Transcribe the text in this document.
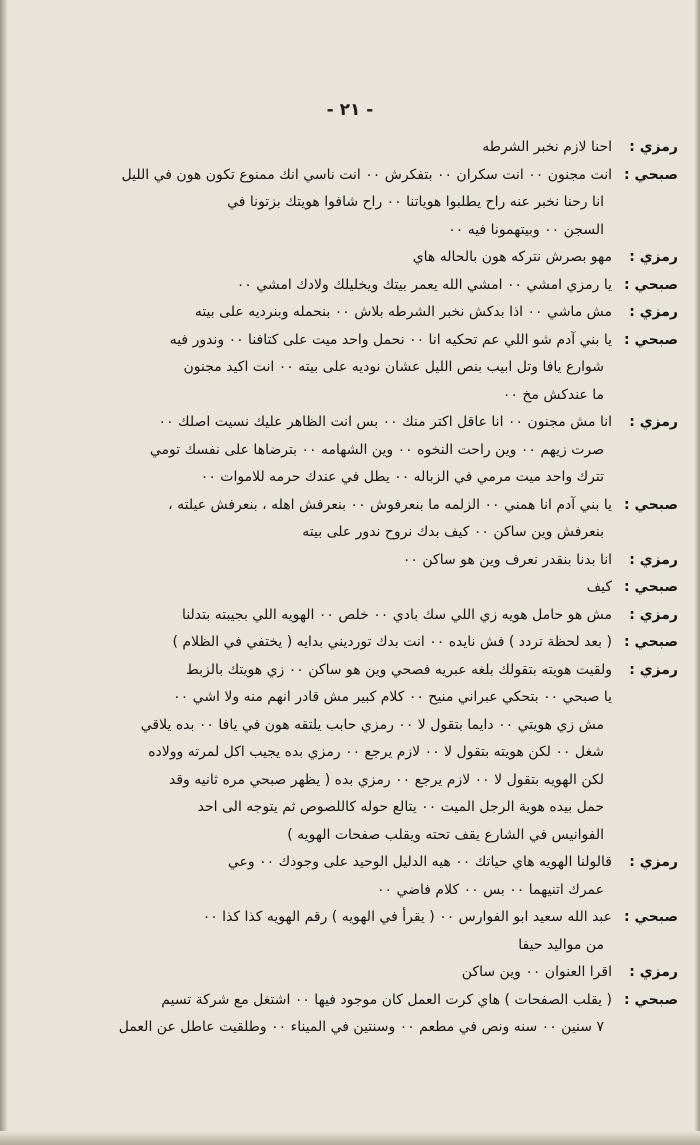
- ٢١ -
رمزي :
احنا لازم نخبر الشرطه
صبحي :
انت مجنون ٠٠ انت سكران ٠٠ بتفكرش ٠٠ انت ناسي انك ممنوع تكون هون في الليل
انا رحنا نخبر عنه راح يطلبوا هوياتنا ٠٠ راح شافوا هويتك بزتونا في
السجن ٠٠ وبيتهمونا فيه ٠٠
رمزي :
مهو بصرش نتركه هون بالحاله هاي
صبحي :
يا رمزي امشي ٠٠ امشي الله يعمر بيتك ويخليلك ولادك امشي ٠٠
رمزي :
مش ماشي ٠٠ اذا بدكش نخبر الشرطه بلاش ٠٠ بنحمله وبنرديه على بيته
صبحي :
يا بني آدم شو اللي عم تحكيه انا ٠٠ نحمل واحد ميت على كتافنا ٠٠ وندور فيه
شوارع يافا وتل ابيب بنص الليل عشان نوديه على بيته ٠٠ انت اكيد مجنون
ما عندكش مخ ٠٠
رمزي :
انا مش مجنون ٠٠ انا عاقل اكتر منك ٠٠ بس انت الظاهر عليك نسيت اصلك ٠٠
صرت زيهم ٠٠ وين راحت النخوه ٠٠ وين الشهامه ٠٠ بترضاها على نفسك تومي
تترك واحد ميت مرمي في الزباله ٠٠ يطل في عندك حرمه للاموات ٠٠
صبحي :
يا بني آدم انا همني ٠٠ الزلمه ما بنعرفوش ٠٠ بنعرفش اهله ، بنعرفش عيلته ،
بنعرفش وين ساكن ٠٠ كيف بدك نروح ندور على بيته
رمزي :
انا بدنا بنقدر نعرف وين هو ساكن ٠٠
صبحي :
كيف
رمزي :
مش هو حامل هويه زي اللي سك بادي ٠٠ خلص ٠٠ الهويه اللي بجيبته بتدلنا
صبحي :
( بعد لحظة تردد ) فش نايده ٠٠ انت بدك تورديني بدايه ( يختفي في الظلام )
رمزي :
ولقيت هويته بتقولك بلغه عبريه فصحي وين هو ساكن ٠٠ زي هويتك بالزبط
يا صبحي ٠٠ بتحكي عبراني منيح ٠٠ كلام كبير مش قادر انهم منه ولا اشي ٠٠
مش زي هويتي ٠٠ دايما بتقول لا ٠٠ رمزي حابب يلتقه هون في يافا ٠٠ بده يلاقي
شغل ٠٠ لكن هويته بتقول لا ٠٠ لازم يرجع ٠٠ رمزي بده يجيب اكل لمرته وولاده
لكن الهويه بتقول لا ٠٠ لازم يرجع ٠٠ رمزي بده ( يظهر صبحي مره ثانيه وقد
حمل بيده هوية الرجل الميت ٠٠ يتالع حوله كاللصوص ثم يتوجه الى احد
الفوانيس في الشارع يقف تحته ويقلب صفحات الهويه )
رمزي :
قالولنا الهويه هاي حياتك ٠٠ هيه الدليل الوحيد على وجودك ٠٠ وعي
عمرك اتنيهما ٠٠ بس ٠٠ كلام فاضي ٠٠
صبحي :
عبد الله سعيد ابو الفوارس ٠٠ ( يقرأ في الهويه ) رقم الهويه كذا كذا ٠٠
من مواليد حيفا
رمزي :
اقرا العنوان ٠٠ وين ساكن
صبحي :
( يقلب الصفحات ) هاي كرت العمل كان موجود فيها ٠٠ اشتغل مع شركة تسيم
٧ سنين ٠٠ سنه ونص في مطعم ٠٠ وسنتين في الميناء ٠٠ وطلقيت عاطل عن العمل
